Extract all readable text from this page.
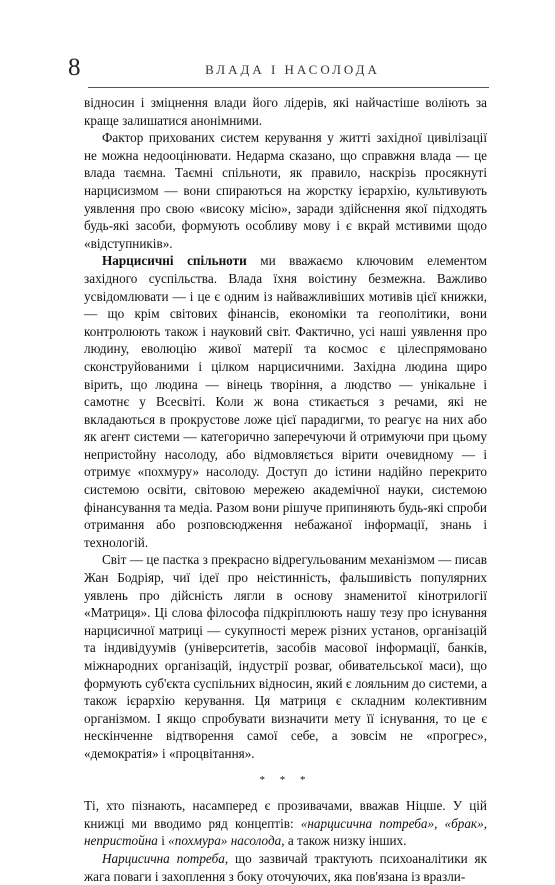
8	ВЛАДА І НАСОЛОДА

відносин і зміцнення влади його лідерів, які найчастіше воліють за краще залишатися анонімними.

Фактор прихованих систем керування у житті західної цивілізації не можна недооцінювати. Недарма сказано, що справжня влада — це влада таємна. Таємні спільноти, як правило, наскрізь просякнуті нарцисизмом — вони спираються на жорстку ієрархію, культивують уявлення про свою «високу місію», заради здійснення якої підходять будь-які засоби, формують особливу мову і є вкрай мстивими щодо «відступників».

Нарцисичні спільноти ми вважаємо ключовим елементом західного суспільства. Влада їхня воістину безмежна. Важливо усвідомлювати — і це є одним із найважливіших мотивів цієї книжки,— що крім світових фінансів, економіки та геополітики, вони контролюють також і науковий світ. Фактично, усі наші уявлення про людину, еволюцію живої матерії та космос є цілеспрямовано сконструйованими і цілком нарцисичними. Західна людина щиро вірить, що людина — вінець творіння, а людство — унікальне і самотнє у Всесвіті. Коли ж вона стикається з речами, які не вкладаються в прокрустове ложе цієї парадигми, то реагує на них або як агент системи — категорично заперечуючи й отримуючи при цьому непристойну насолоду, або відмовляється вірити очевидному — і отримує «похмуру» насолоду. Доступ до істини надійно перекрито системою освіти, світовою мережею академічної науки, системою фінансування та медіа. Разом вони рішуче припиняють будь-які спроби отримання або розповсюдження небажаної інформації, знань і технологій.

Світ — це пастка з прекрасно відрегульованим механізмом — писав Жан Бодріяр, чиї ідеї про неістинність, фальшивість популярних уявлень про дійсність лягли в основу знаменитої кінотрилогії «Матриця». Ці слова філософа підкріплюють нашу тезу про існування нарцисичної матриці — сукупності мереж різних установ, організацій та індивідуумів (університетів, засобів масової інформації, банків, міжнародних організацій, індустрії розваг, обивательської маси), що формують суб'єкта суспільних відносин, який є лояльним до системи, а також ієрархію керування. Ця матриця є складним колективним організмом. І якщо спробувати визначити мету її існування, то це є нескінченне відтворення самої себе, а зовсім не «прогрес», «демократія» і «процвітання».

* * *

Ті, хто пізнають, насамперед є прозивачами, вважав Ніцше. У цій книжці ми вводимо ряд концептів: «нарцисична потреба», «брак», непристойна і «похмура» насолода, а також низку інших.

Нарцисична потреба, що зазвичай трактують психоаналітики як жага поваги і захоплення з боку оточуючих, яка пов'язана із вразли-
